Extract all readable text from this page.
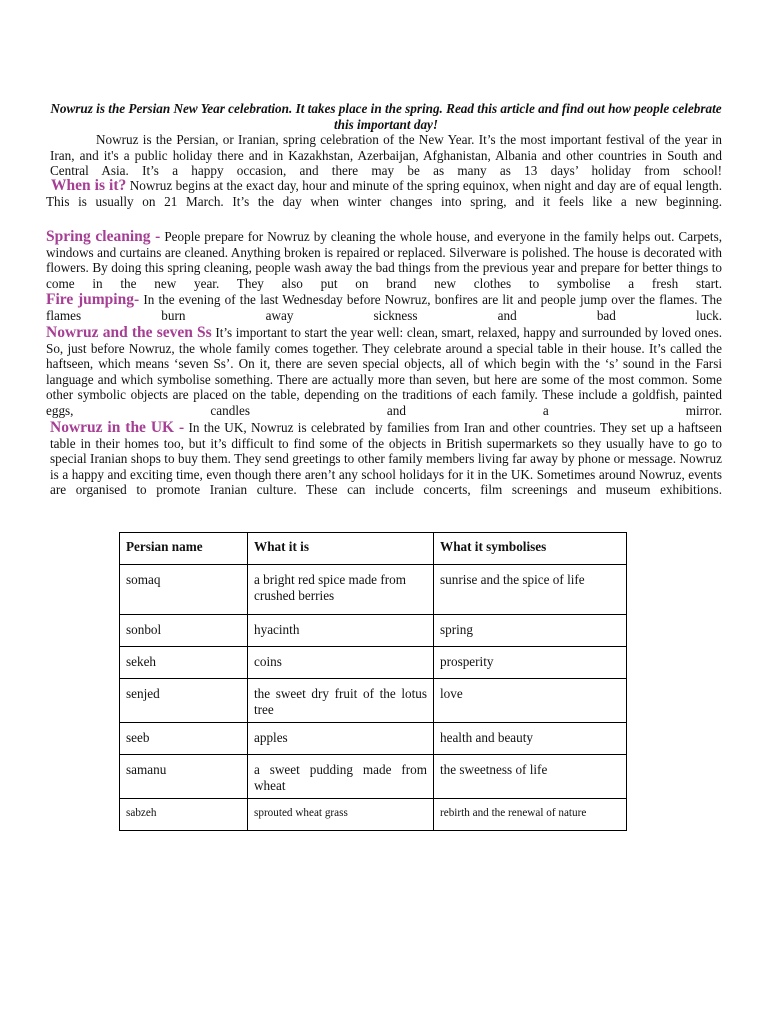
Nowruz is the Persian New Year celebration. It takes place in the spring. Read this article and find out how people celebrate this important day!
Nowruz is the Persian, or Iranian, spring celebration of the New Year. It’s the most important festival of the year in Iran, and it's a public holiday there and in Kazakhstan, Azerbaijan, Afghanistan, Albania and other countries in South and Central Asia. It’s a happy occasion, and there may be as many as 13 days’ holiday from school!
When is it? Nowruz begins at the exact day, hour and minute of the spring equinox, when night and day are of equal length. This is usually on 21 March. It’s the day when winter changes into spring, and it feels like a new beginning.
Spring cleaning - People prepare for Nowruz by cleaning the whole house, and everyone in the family helps out. Carpets, windows and curtains are cleaned. Anything broken is repaired or replaced. Silverware is polished. The house is decorated with flowers. By doing this spring cleaning, people wash away the bad things from the previous year and prepare for better things to come in the new year. They also put on brand new clothes to symbolise a fresh start.
Fire jumping- In the evening of the last Wednesday before Nowruz, bonfires are lit and people jump over the flames. The flames burn away sickness and bad luck.
Nowruz and the seven Ss It’s important to start the year well: clean, smart, relaxed, happy and surrounded by loved ones. So, just before Nowruz, the whole family comes together. They celebrate around a special table in their house. It’s called the haftseen, which means ‘seven Ss’. On it, there are seven special objects, all of which begin with the ‘s’ sound in the Farsi language and which symbolise something. There are actually more than seven, but here are some of the most common. Some other symbolic objects are placed on the table, depending on the traditions of each family. These include a goldfish, painted eggs, candles and a mirror.
Nowruz in the UK - In the UK, Nowruz is celebrated by families from Iran and other countries. They set up a haftseen table in their homes too, but it’s difficult to find some of the objects in British supermarkets so they usually have to go to special Iranian shops to buy them. They send greetings to other family members living far away by phone or message. Nowruz is a happy and exciting time, even though there aren’t any school holidays for it in the UK. Sometimes around Nowruz, events are organised to promote Iranian culture. These can include concerts, film screenings and museum exhibitions.
Persian name	What it is	What it symbolises
somaq	a bright red spice made from crushed berries	sunrise and the spice of life
sonbol	hyacinth	spring
sekeh	coins	prosperity
senjed	the sweet dry fruit of the lotus tree	love
seeb	apples	health and beauty
samanu	a sweet pudding made from wheat	the sweetness of life
sabzeh	sprouted wheat grass	rebirth and the renewal of nature
